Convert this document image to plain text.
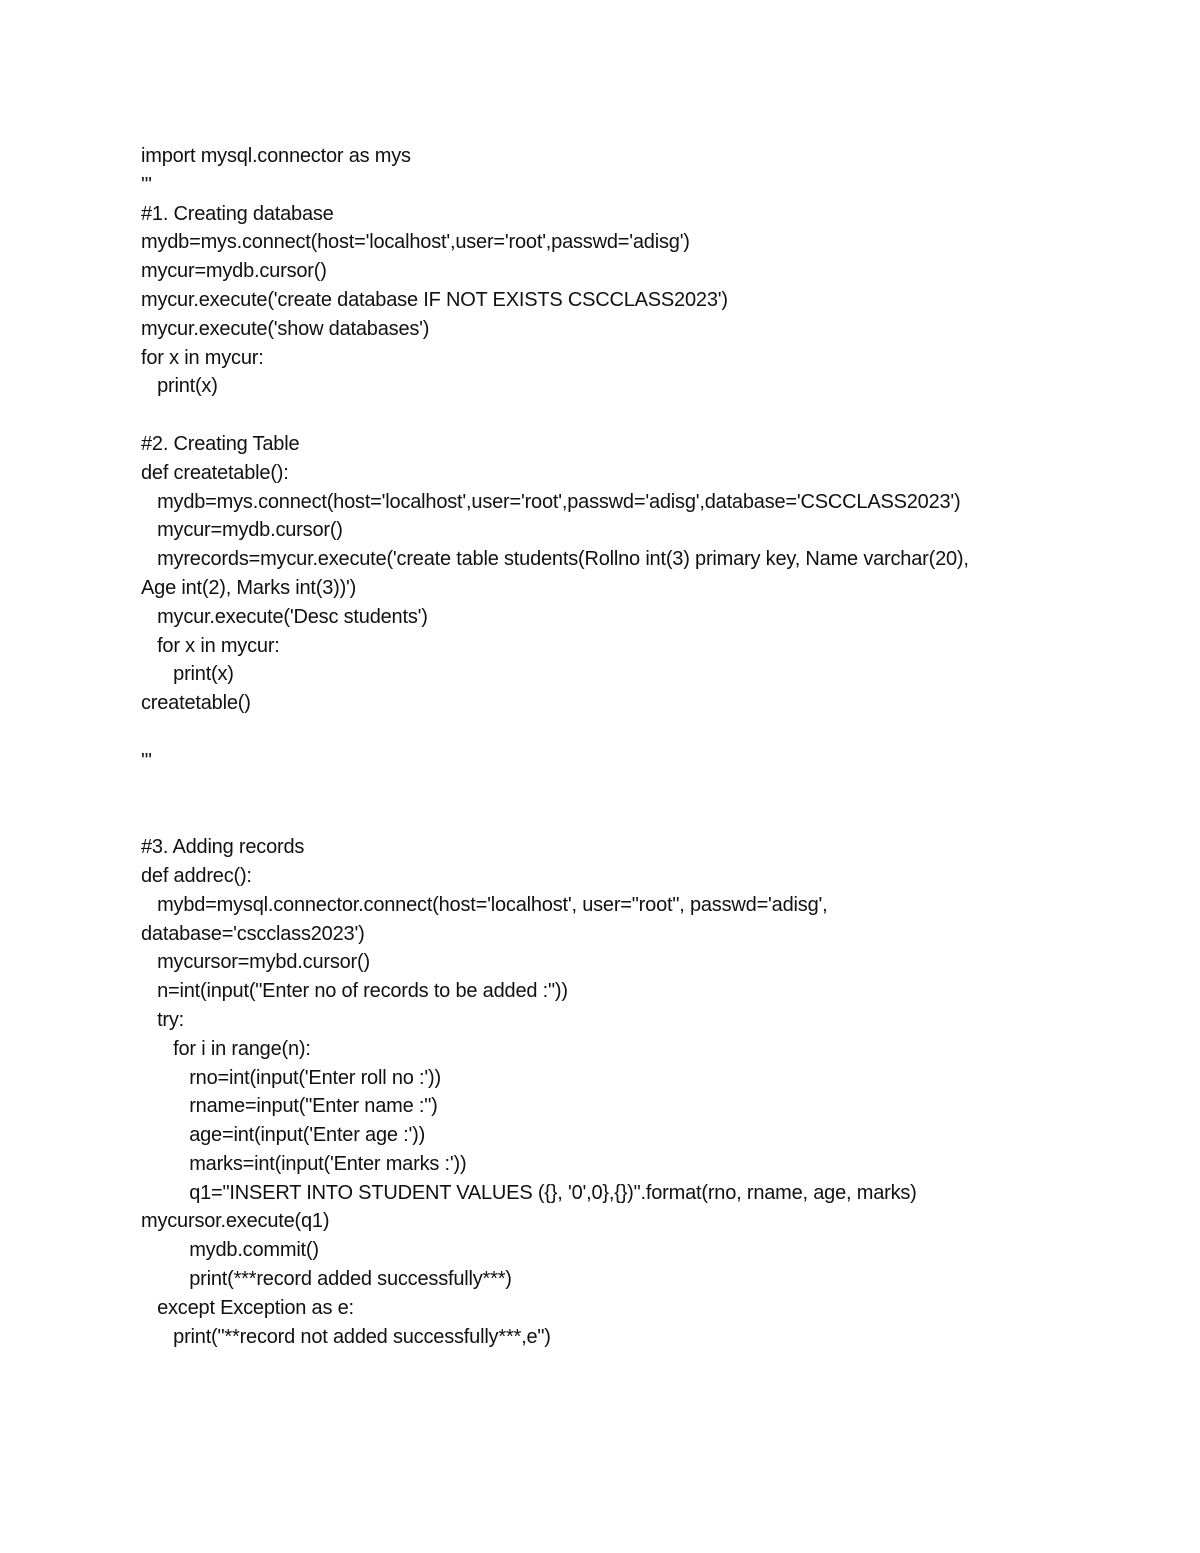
import mysql.connector as mys
'''
#1. Creating database
mydb=mys.connect(host='localhost',user='root',passwd='adisg')
mycur=mydb.cursor()
mycur.execute('create database IF NOT EXISTS CSCCLASS2023')
mycur.execute('show databases')
for x in mycur:
print(x)
#2. Creating Table
def createtable():
mydb=mys.connect(host='localhost',user='root',passwd='adisg',database='CSCCLASS2023')
mycur=mydb.cursor()
myrecords=mycur.execute('create table students(Rollno int(3) primary key, Name varchar(20),
Age int(2), Marks int(3))')
mycur.execute('Desc students')
for x in mycur:
print(x)
createtable()
'''
#3. Adding records
def addrec():
mybd=mysql.connector.connect(host='localhost', user="root", passwd='adisg',
database='cscclass2023')
mycursor=mybd.cursor()
n=int(input("Enter no of records to be added :"))
try:
for i in range(n):
rno=int(input('Enter roll no :'))
rname=input("Enter name :")
age=int(input('Enter age :'))
marks=int(input('Enter marks :'))
q1="INSERT INTO STUDENT VALUES ({}, '0',0},{})".format(rno, rname, age, marks)
mycursor.execute(q1)
mydb.commit()
print(***record added successfully***)
except Exception as e:
print("**record not added successfully***,e")
